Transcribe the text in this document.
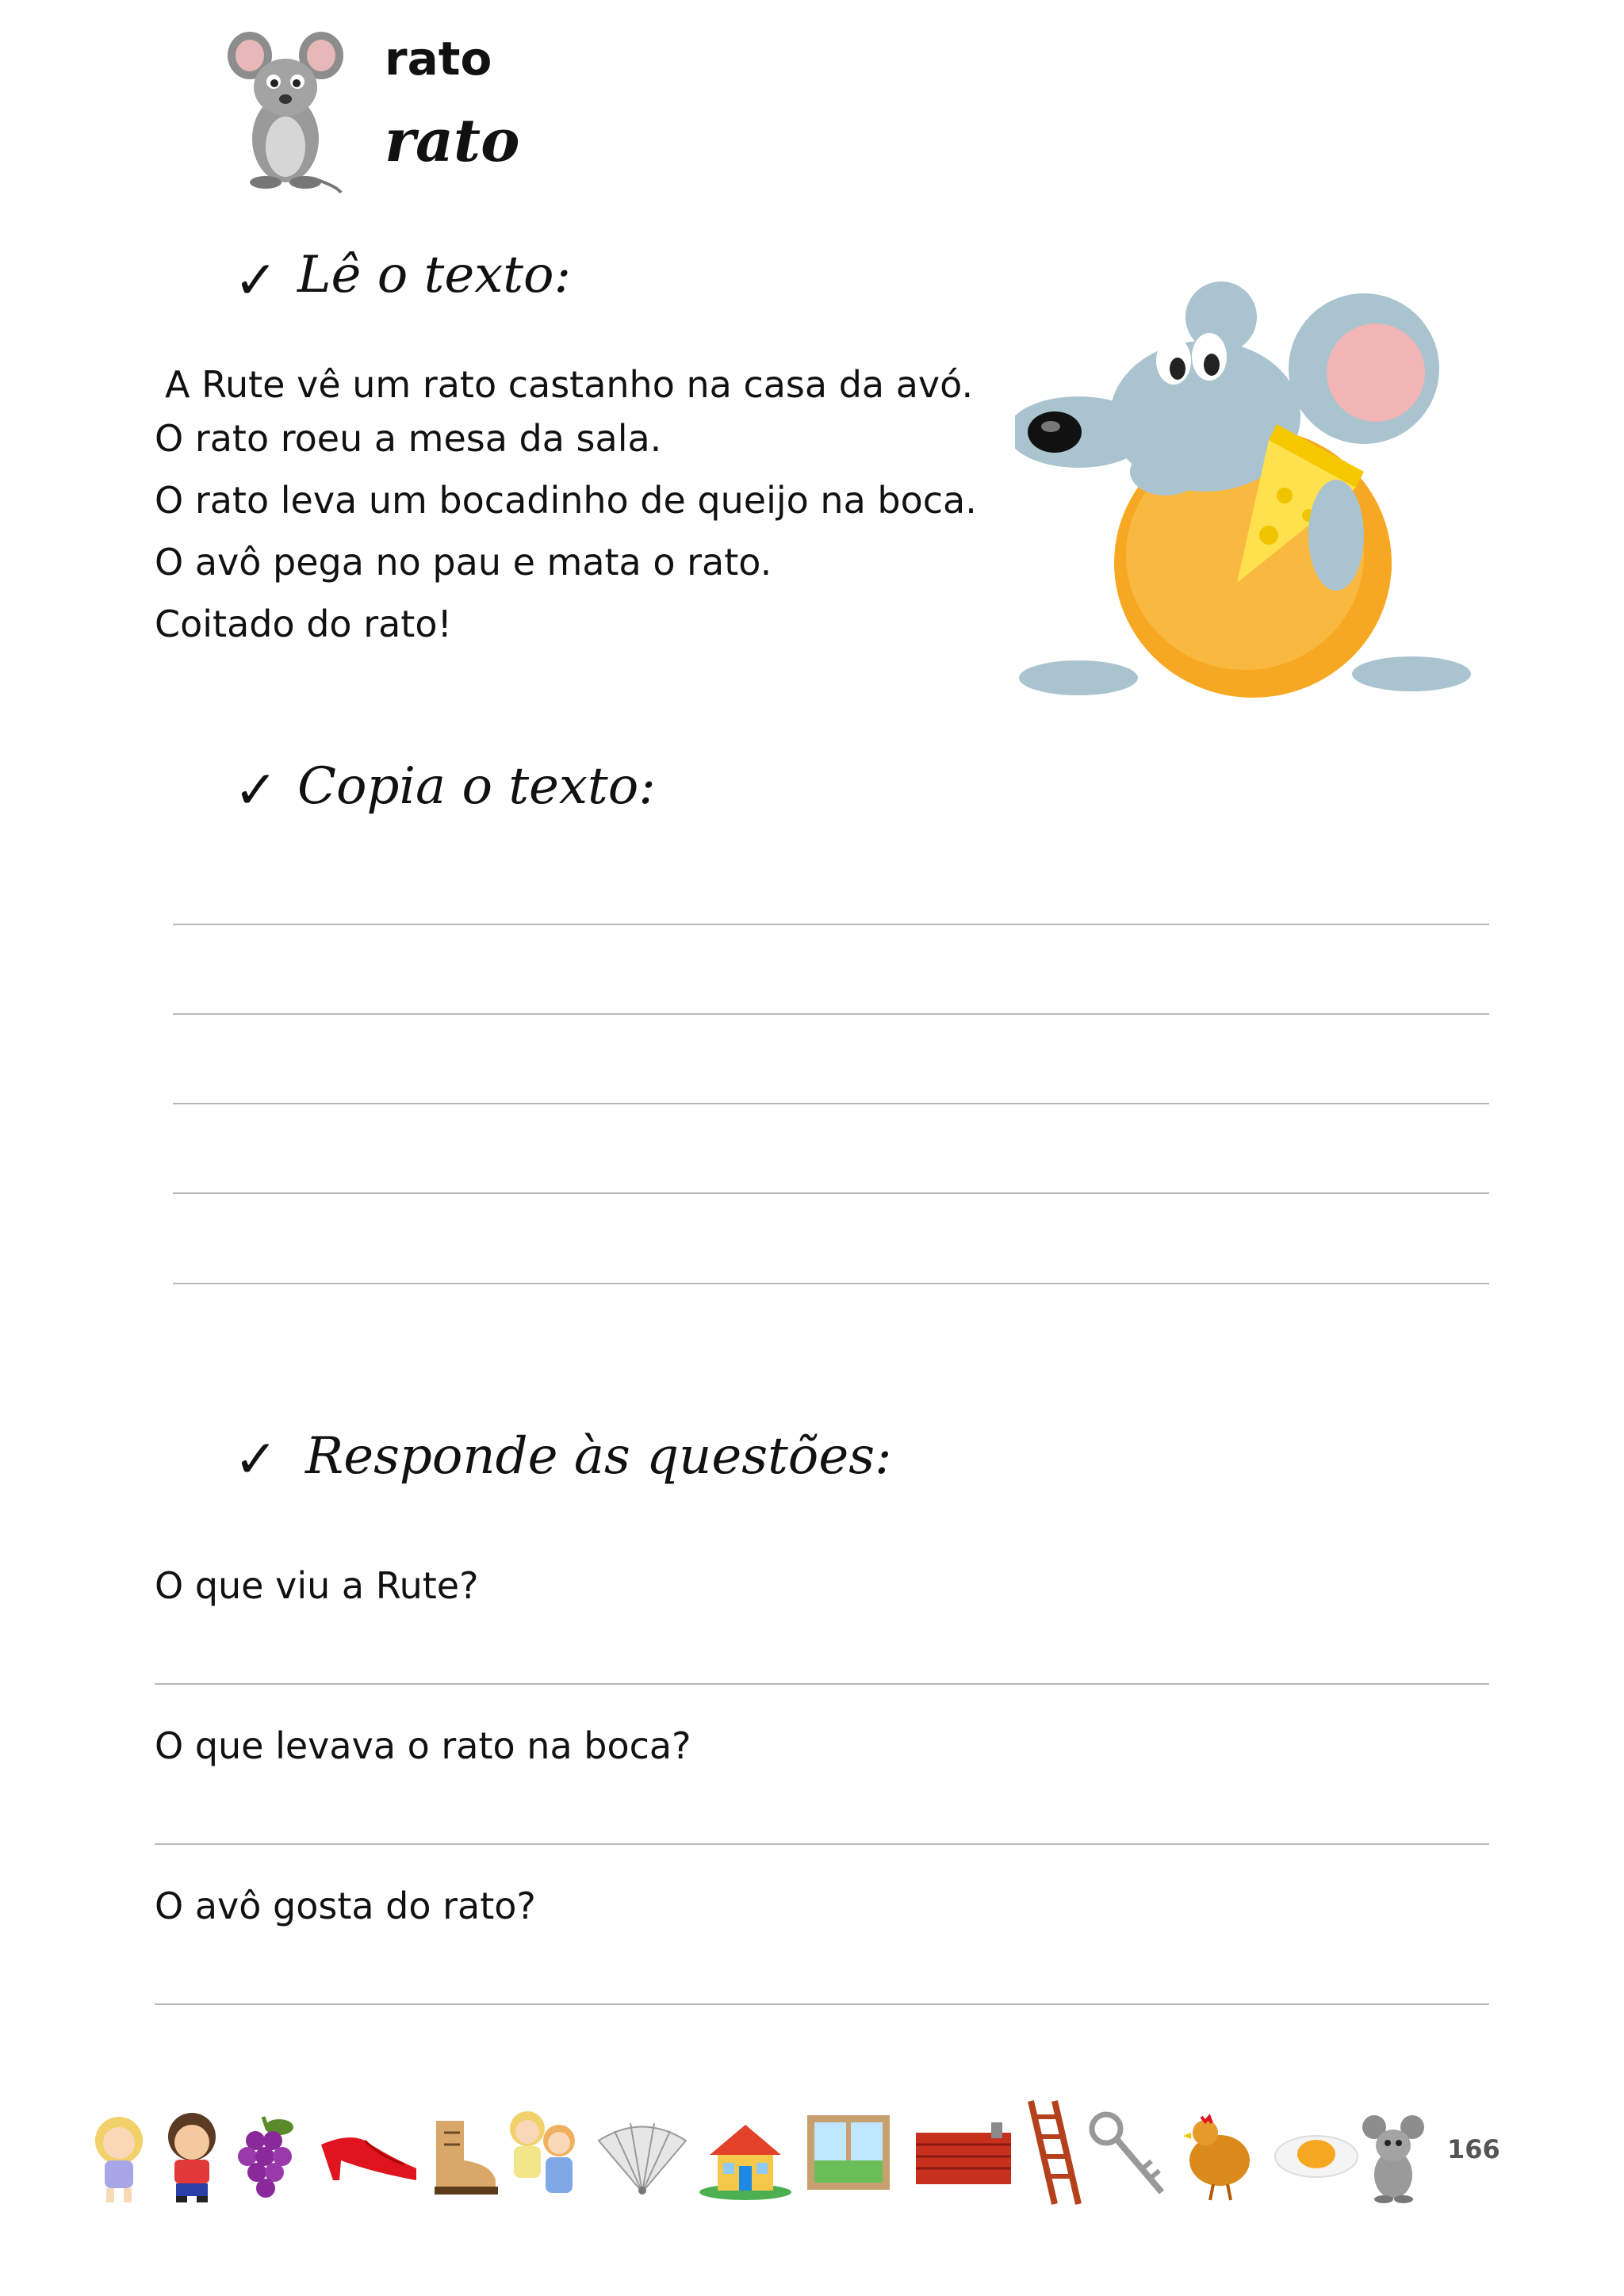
rato
rato
✓ Lê o texto:
A Rute vê um rato castanho na casa da avó.
O rato roeu a mesa da sala.
O rato leva um bocadinho de queijo na boca.
O avô pega no pau e mata o rato.
Coitado do rato!
✓ Copia o texto:
✓ Responde às questões:
O que viu a Rute?
O que levava o rato na boca?
O avô gosta do rato?
166
